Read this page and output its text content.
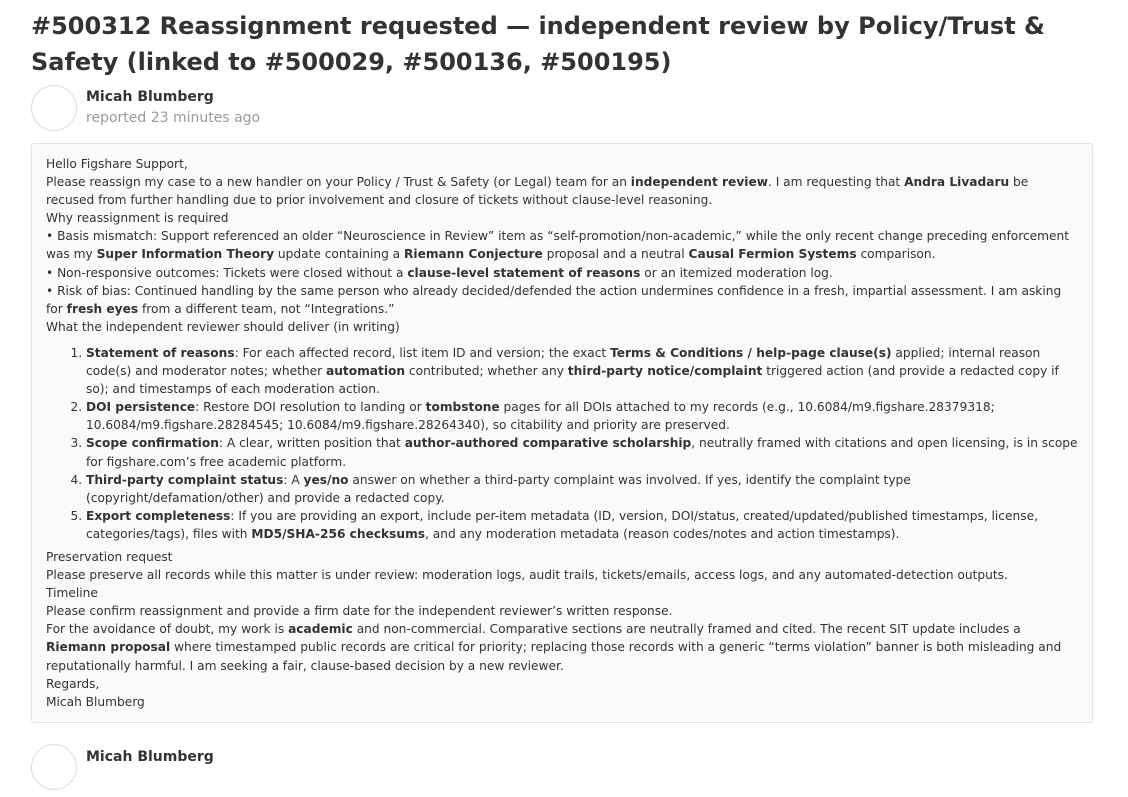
#500312 Reassignment requested — independent review by Policy/Trust & Safety (linked to #500029, #500136, #500195)
Micah Blumberg
reported 23 minutes ago

Hello Figshare Support,

Please reassign my case to a new handler on your Policy / Trust & Safety (or Legal) team for an independent review. I am requesting that Andra Livadaru be recused from further handling due to prior involvement and closure of tickets without clause-level reasoning.

Why reassignment is required

• Basis mismatch: Support referenced an older “Neuroscience in Review” item as “self-promotion/non-academic,” while the only recent change preceding enforcement was my Super Information Theory update containing a Riemann Conjecture proposal and a neutral Causal Fermion Systems comparison.

• Non-responsive outcomes: Tickets were closed without a clause-level statement of reasons or an itemized moderation log.

• Risk of bias: Continued handling by the same person who already decided/defended the action undermines confidence in a fresh, impartial assessment. I am asking for fresh eyes from a different team, not “Integrations.”

What the independent reviewer should deliver (in writing)

1. Statement of reasons: For each affected record, list item ID and version; the exact Terms & Conditions / help-page clause(s) applied; internal reason code(s) and moderator notes; whether automation contributed; whether any third-party notice/complaint triggered action (and provide a redacted copy if so); and timestamps of each moderation action.
2. DOI persistence: Restore DOI resolution to landing or tombstone pages for all DOIs attached to my records (e.g., 10.6084/m9.figshare.28379318; 10.6084/m9.figshare.28284545; 10.6084/m9.figshare.28264340), so citability and priority are preserved.
3. Scope confirmation: A clear, written position that author-authored comparative scholarship, neutrally framed with citations and open licensing, is in scope for figshare.com’s free academic platform.
4. Third-party complaint status: A yes/no answer on whether a third-party complaint was involved. If yes, identify the complaint type (copyright/defamation/other) and provide a redacted copy.
5. Export completeness: If you are providing an export, include per-item metadata (ID, version, DOI/status, created/updated/published timestamps, license, categories/tags), files with MD5/SHA-256 checksums, and any moderation metadata (reason codes/notes and action timestamps).

Preservation request

Please preserve all records while this matter is under review: moderation logs, audit trails, tickets/emails, access logs, and any automated-detection outputs.

Timeline

Please confirm reassignment and provide a firm date for the independent reviewer’s written response.

For the avoidance of doubt, my work is academic and non-commercial. Comparative sections are neutrally framed and cited. The recent SIT update includes a Riemann proposal where timestamped public records are critical for priority; replacing those records with a generic “terms violation” banner is both misleading and reputationally harmful. I am seeking a fair, clause-based decision by a new reviewer.

Regards,

Micah Blumberg

Micah Blumberg
